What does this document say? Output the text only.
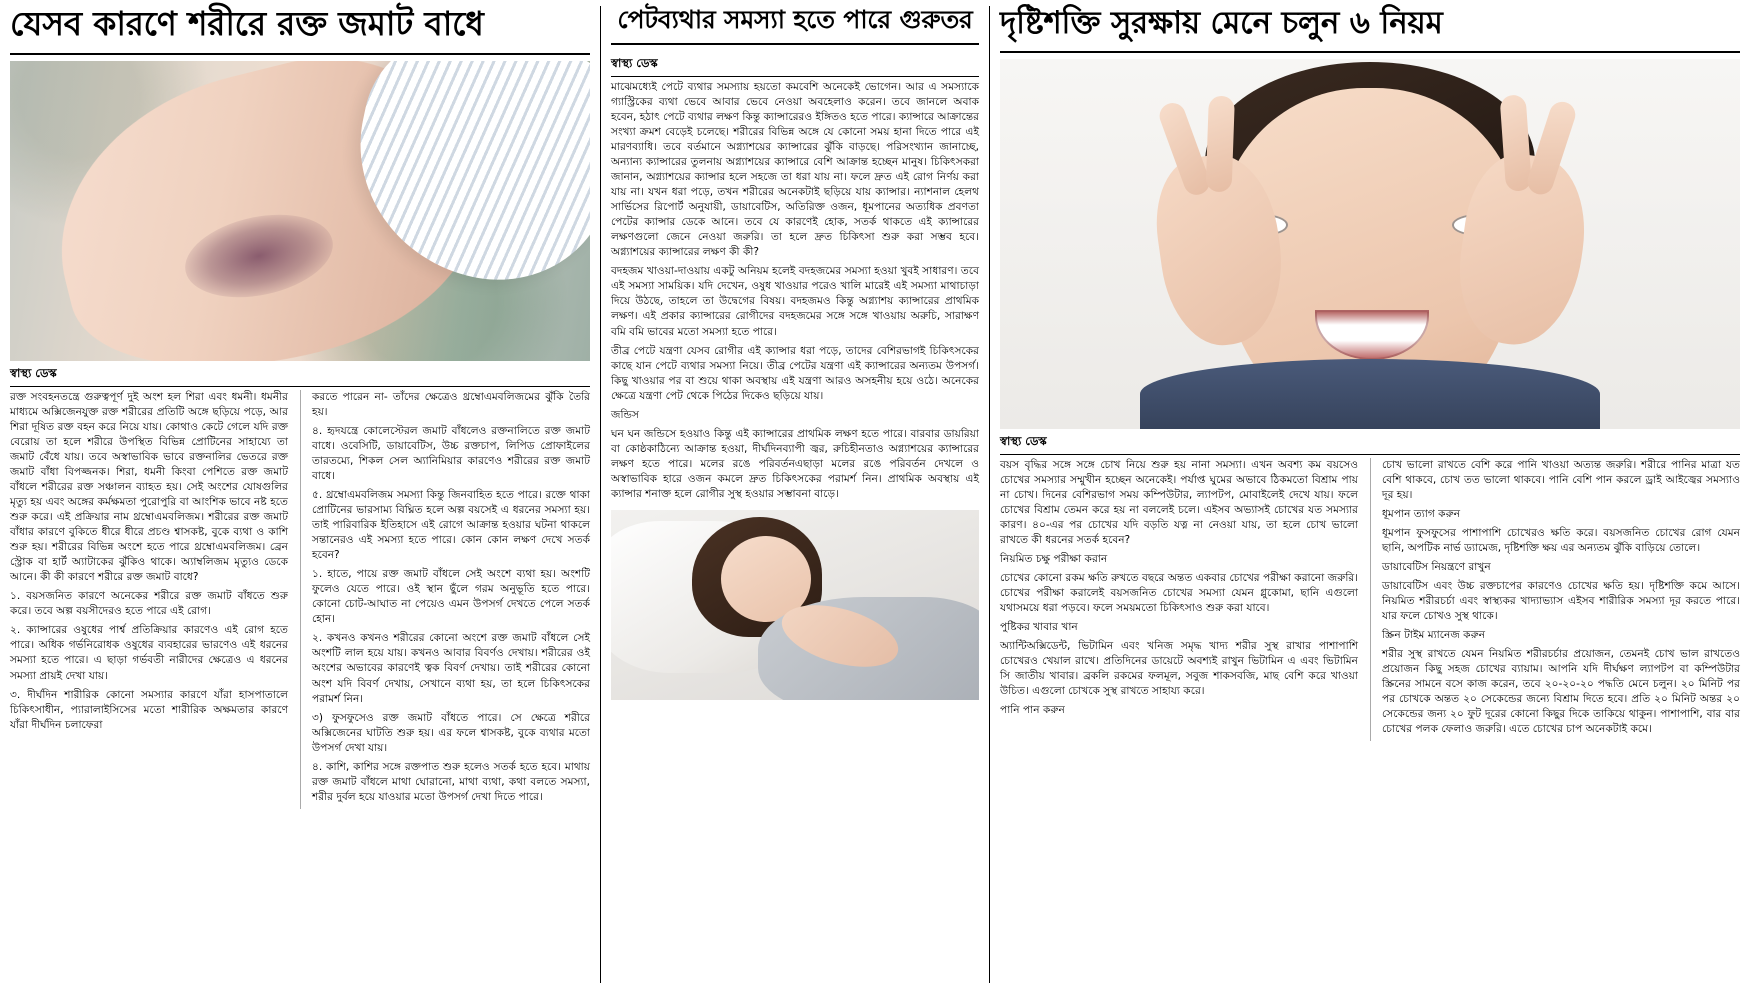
যেসব কারণে শরীরে রক্ত জমাট বাধে
স্বাস্থ্য ডেস্ক

রক্ত সংবহনতন্ত্রে গুরুত্বপূর্ণ দুই অংশ হল শিরা এবং ধমনী। ধমনীর মাধ্যমে অক্সিজেনযুক্ত রক্ত শরীরের প্রতিটি অঙ্গে ছড়িয়ে পড়ে, আর শিরা দূষিত রক্ত বহন করে নিয়ে যায়। কোথাও কেটে গেলে যদি রক্ত বেরোয় তা হলে শরীরে উপস্থিত বিভিন্ন প্রোটিনের সাহায্যে তা জমাট বেঁধে যায়। তবে অস্বাভাবিক ভাবে রক্তনালির ভেতরে রক্ত জমাট বাঁধা বিপজ্জনক। শিরা, ধমনী কিংবা পেশিতে রক্ত জমাট বাঁধলে শরীরের রক্ত সঞ্চালন ব্যাহত হয়। সেই অংশের যোষগুলির মৃত্যু হয় এবং অঙ্গের কর্মক্ষমতা পুরোপুরি বা আংশিক ভাবে নষ্ট হতে শুরু করে। এই প্রক্রিয়ার নাম থ্রম্বোএমবলিজম। শরীরের রক্ত জমাট বাঁধার কারণে বুকিতে ধীরে ধীরে প্রচণ্ড শ্বাসকষ্ট, বুকে ব্যথা ও কাশি শুরু হয়। শরীরের বিভিন্ন অংশে হতে পারে থ্রম্বোএমবলিজম। ব্রেন স্ট্রোক বা হার্ট অ্যাটাকের ঝুঁকিও থাকে। অ্যাম্বলিজম মৃত্যুও ডেকে আনে। কী কী কারণে শরীরে রক্ত জমাট বাধে?

১. বয়সজনিত কারণে অনেকের শরীরে রক্ত জমাট বাঁধতে শুরু করে। তবে অল্প বয়সীদেরও হতে পারে এই রোগ।

২. ক্যান্সারের ওষুধের পার্শ্ব প্রতিক্রিয়ার কারণেও এই রোগ হতে পারে। অধিক গর্ভনিরোধক ওষুধের ব্যবহারের ভারণেও এই ধরনের সমস্যা হতে পারে। এ ছাড়া গর্ভবতী নারীদের ক্ষেত্রেও এ ধরনের সমস্যা প্রায়ই দেখা যায়।

৩. দীর্ঘদিন শারীরিক কোনো সমস্যার কারণে যাঁরা হাসপাতালে চিকিৎসাধীন, প্যারালাইসিসের মতো শারীরিক অক্ষমতার কারণে যাঁরা দীর্ঘদিন চলাফেরা

করতে পারেন না- তাঁদের ক্ষেত্রেও থ্রম্বোএমবলিজমের ঝুঁকি তৈরি হয়।

৪. হৃদযন্ত্রে কোলেস্টেরল জমাট বাঁধলেও রক্তনালিতে রক্ত জমাট বাধে। ওবেসিটি, ডায়াবেটিস, উচ্চ রক্তচাপ, লিপিড প্রোফাইলের তারতম্যে, শিকল সেল অ্যানিমিয়ার কারণেও শরীরের রক্ত জমাট বাধে।

৫. থ্রম্বোএমবলিজম সমস্যা কিন্তু জিনবাহিত হতে পারে। রক্তে থাকা প্রোটিনের ভারসাম্য বিঘ্নিত হলে অল্প বয়সেই এ ধরনের সমস্যা হয়। তাই পারিবারিক ইতিহাসে এই রোগে আক্রান্ত হওয়ার ঘটনা থাকলে সন্তানেরও এই সমস্যা হতে পারে। কোন কোন লক্ষণ দেখে সতর্ক হবেন?

১. হাতে, পায়ে রক্ত জমাট বাঁধলে সেই অংশে ব্যথা হয়। অংশটি ফুলেও যেতে পারে। ওই স্থান ছুঁলে গরম অনুভূতি হতে পারে। কোনো চোট-আঘাত না পেয়েও এমন উপসর্গ দেখতে পেলে সতর্ক হোন।

২. কখনও কখনও শরীরের কোনো অংশে রক্ত জমাট বাঁধলে সেই অংশটি লাল হয়ে যায়। কখনও আবার বিবর্ণও দেখায়। শরীরের ওই অংশের অভাবের কারণেই ত্বক বিবর্ণ দেখায়। তাই শরীরের কোনো অংশ যদি বিবর্ণ দেখায়, সেখানে ব্যথা হয়, তা হলে চিকিৎসকের পরামর্শ নিন।

৩) ফুসফুসেও রক্ত জমাট বাঁধতে পারে। সে ক্ষেত্রে শরীরে অক্সিজেনের ঘাটতি শুরু হয়। এর ফলে শ্বাসকষ্ট, বুকে ব্যথার মতো উপসর্গ দেখা যায়।

৪. কাশি, কাশির সঙ্গে রক্তপাত শুরু হলেও সতর্ক হতে হবে। মাথায় রক্ত জমাট বাঁধলে মাথা ঘোরানো, মাথা ব্যথা, কথা বলতে সমস্যা, শরীর দুর্বল হয়ে যাওয়ার মতো উপসর্গ দেখা দিতে পারে।

পেটব্যথার সমস্যা হতে পারে গুরুতর
স্বাস্থ্য ডেস্ক

মাঝেমধ্যেই পেটে ব্যথার সমস্যায় হয়তো কমবেশি অনেকেই ভোগেন। আর এ সমস্যাকে গ্যাস্ট্রিকের ব্যথা ভেবে আবার ভেবে নেওয়া অবহেলাও করেন। তবে জানলে অবাক হবেন, হঠাৎ পেটে ব্যথার লক্ষণ কিন্তু ক্যান্সারেরও ইঙ্গিতও হতে পারে। ক্যান্সারে আক্রান্তের সংখ্যা ক্রমশ বেড়েই চলেছে। শরীরের বিভিন্ন অঙ্গে যে কোনো সময় হানা দিতে পারে এই মারণব্যাধি। তবে বর্তমানে অগ্ন্যাশয়ের ক্যান্সারের ঝুঁকি বাড়ছে। পরিসংখ্যান জানাচ্ছে, অন্যান্য ক্যান্সারের তুলনায় অগ্ন্যাশয়ের ক্যান্সারে বেশি আক্রান্ত হচ্ছেন মানুষ। চিকিৎসকরা জানান, অগ্ন্যাশয়ের ক্যান্সার হলে সহজে তা ধরা যায় না। ফলে দ্রুত এই রোগ নির্ণয় করা যায় না। যখন ধরা পড়ে, তখন শরীরের অনেকটাই ছড়িয়ে যায় ক্যান্সার। ন্যাশনাল হেলথ সার্ভিসের রিপোর্ট অনুযায়ী, ডায়াবেটিস, অতিরিক্ত ওজন, ধূমপানের অত্যধিক প্রবণতা পেটের ক্যান্সার ডেকে আনে। তবে যে কারণেই হোক, সতর্ক থাকতে এই ক্যান্সারের লক্ষণগুলো জেনে নেওয়া জরুরি। তা হলে দ্রুত চিকিৎসা শুরু করা সম্ভব হবে। অগ্ন্যাশয়ের ক্যান্সারের লক্ষণ কী কী?

বদহজম খাওয়া-দাওয়ায় একটু অনিয়ম হলেই বদহজমের সমস্যা হওয়া খুবই সাধারণ। তবে এই সমস্যা সাময়িক। যদি দেখেন, ওষুধ খাওয়ার পরেও খালি মারেই এই সমস্যা মাথাচাড়া দিয়ে উঠছে, তাহলে তা উদ্বেগের বিষয়। বদহজমও কিন্তু অগ্ন্যাশয় ক্যান্সারের প্রাথমিক লক্ষণ। এই প্রকার ক্যান্সারের রোগীদের বদহজমের সঙ্গে সঙ্গে খাওয়ায় অরুচি, সারাক্ষণ বমি বমি ভাবের মতো সমস্যা হতে পারে।

তীব্র পেটে যন্ত্রণা যেসব রোগীর এই ক্যান্সার ধরা পড়ে, তাদের বেশিরভাগই চিকিৎসকের কাছে যান পেটে ব্যথার সমস্যা নিয়ে। তীব্র পেটের যন্ত্রণা এই ক্যান্সারের অন্যতম উপসর্গ। কিছু খাওয়ার পর বা শুয়ে থাকা অবস্থায় এই যন্ত্রণা আরও অসহনীয় হয়ে ওঠে। অনেকের ক্ষেত্রে যন্ত্রণা পেট থেকে পিঠের দিকেও ছড়িয়ে যায়।

জন্ডিস

ঘন ঘন জন্ডিসে হওয়াও কিন্তু এই ক্যান্সারের প্রাথমিক লক্ষণ হতে পারে। বারবার ডায়রিয়া বা কোষ্ঠকাঠিন্যে আক্রান্ত হওয়া, দীর্ঘদিনব্যাপী জ্বর, রুচিহীনতাও অগ্ন্যাশয়ের ক্যান্সারের লক্ষণ হতে পারে। মলের রঙে পরিবর্তনএছাড়া মলের রঙে পরিবর্তন দেখলে ও অস্বাভাবিক হারে ওজন কমলে দ্রুত চিকিৎসকের পরামর্শ নিন। প্রাথমিক অবস্থায় এই ক্যান্সার শনাক্ত হলে রোগীর সুস্থ হওয়ার সম্ভাবনা বাড়ে।

দৃষ্টিশক্তি সুরক্ষায় মেনে চলুন ৬ নিয়ম
স্বাস্থ্য ডেস্ক

বয়স বৃদ্ধির সঙ্গে সঙ্গে চোখ নিয়ে শুরু হয় নানা সমস্যা। এখন অবশ্য কম বয়সেও চোখের সমস্যার সম্মুখীন হচ্ছেন অনেকেই। পর্যাপ্ত ঘুমের অভাবে ঠিকমতো বিশ্রাম পায় না চোখ। দিনের বেশিরভাগ সময় কম্পিউটার, ল্যাপটপ, মোবাইলেই দেখে যায়। ফলে চোখের বিশ্রাম তেমন করে হয় না বললেই চলে। এইসব অভ্যাসই চোখের যত সমস্যার কারণ। ৪০-এর পর চোখের যদি বড়তি যত্ন না নেওয়া যায়, তা হলে চোখ ভালো রাখতে কী ধরনের সতর্ক হবেন?

নিয়মিত চক্ষু পরীক্ষা করান

চোখের কোনো রকম ক্ষতি রুখতে বছরে অন্তত একবার চোখের পরীক্ষা করানো জরুরি। চোখের পরীক্ষা করালেই বয়সজনিত চোখের সমস্যা যেমন গ্লুকোমা, ছানি এগুলো যথাসময়ে ধরা পড়বে। ফলে সময়মতো চিকিৎসাও শুরু করা যাবে।

পুষ্টিকর খাবার খান

অ্যান্টিঅক্সিডেন্ট, ভিটামিন এবং খনিজ সমৃদ্ধ খাদ্য শরীর সুস্থ রাখার পাশাপাশি চোখেরও খেয়াল রাখে। প্রতিদিনের ডায়েটে অবশ্যই রাখুন ভিটামিন এ এবং ভিটামিন সি জাতীয় খাবার। ব্রকলি রকমের ফলমূল, সবুজ শাকসবজি, মাছ বেশি করে খাওয়া উচিত। এগুলো চোখকে সুস্থ রাখতে সাহায্য করে।

পানি পান করুন

চোখ ভালো রাখতে বেশি করে পানি খাওয়া অত্যন্ত জরুরি। শরীরে পানির মাত্রা যত বেশি থাকবে, চোখ তত ভালো থাকবে। পানি বেশি পান করলে ড্রাই আইজ্বের সমস্যাও দূর হয়।

ধূমপান ত্যাগ করুন

ধূমপান ফুসফুসের পাশাপাশি চোখেরও ক্ষতি করে। বয়সজনিত চোখের রোগ যেমন ছানি, অপটিক নার্ভ ড্যামেজ, দৃষ্টিশক্তি ক্ষয় এর অন্যতম ঝুঁকি বাড়িয়ে তোলে।

ডায়াবেটিস নিয়ন্ত্রণে রাখুন

ডায়াবেটিস এবং উচ্চ রক্তচাপের কারণেও চোখের ক্ষতি হয়। দৃষ্টিশক্তি কমে আসে। নিয়মিত শরীরচর্চা এবং স্বাস্থ্যকর খাদ্যাভ্যাস এইসব শারীরিক সমস্যা দূর করতে পারে। যার ফলে চোখও সুস্থ থাকে।

স্ক্রিন টাইম ম্যানেজ করুন

শরীর সুস্থ রাখতে যেমন নিয়মিত শরীরচর্চার প্রয়োজন, তেমনই চোখ ভাল রাখতেও প্রয়োজন কিছু সহজ চোখের ব্যায়াম। আপনি যদি দীর্ঘক্ষণ ল্যাপটপ বা কম্পিউটার স্ক্রিনের সামনে বসে কাজ করেন, তবে ২০-২০-২০ পদ্ধতি মেনে চলুন। ২০ মিনিট পর পর চোখকে অন্তত ২০ সেকেন্ডের জন্যে বিশ্রাম দিতে হবে। প্রতি ২০ মিনিট অন্তর ২০ সেকেন্ডের জন্য ২০ ফুট দূরের কোনো কিছুর দিকে তাকিয়ে থাকুন। পাশাপাশি, বার বার চোখের পলক ফেলাও জরুরি। এতে চোখের চাপ অনেকটাই কমে।
